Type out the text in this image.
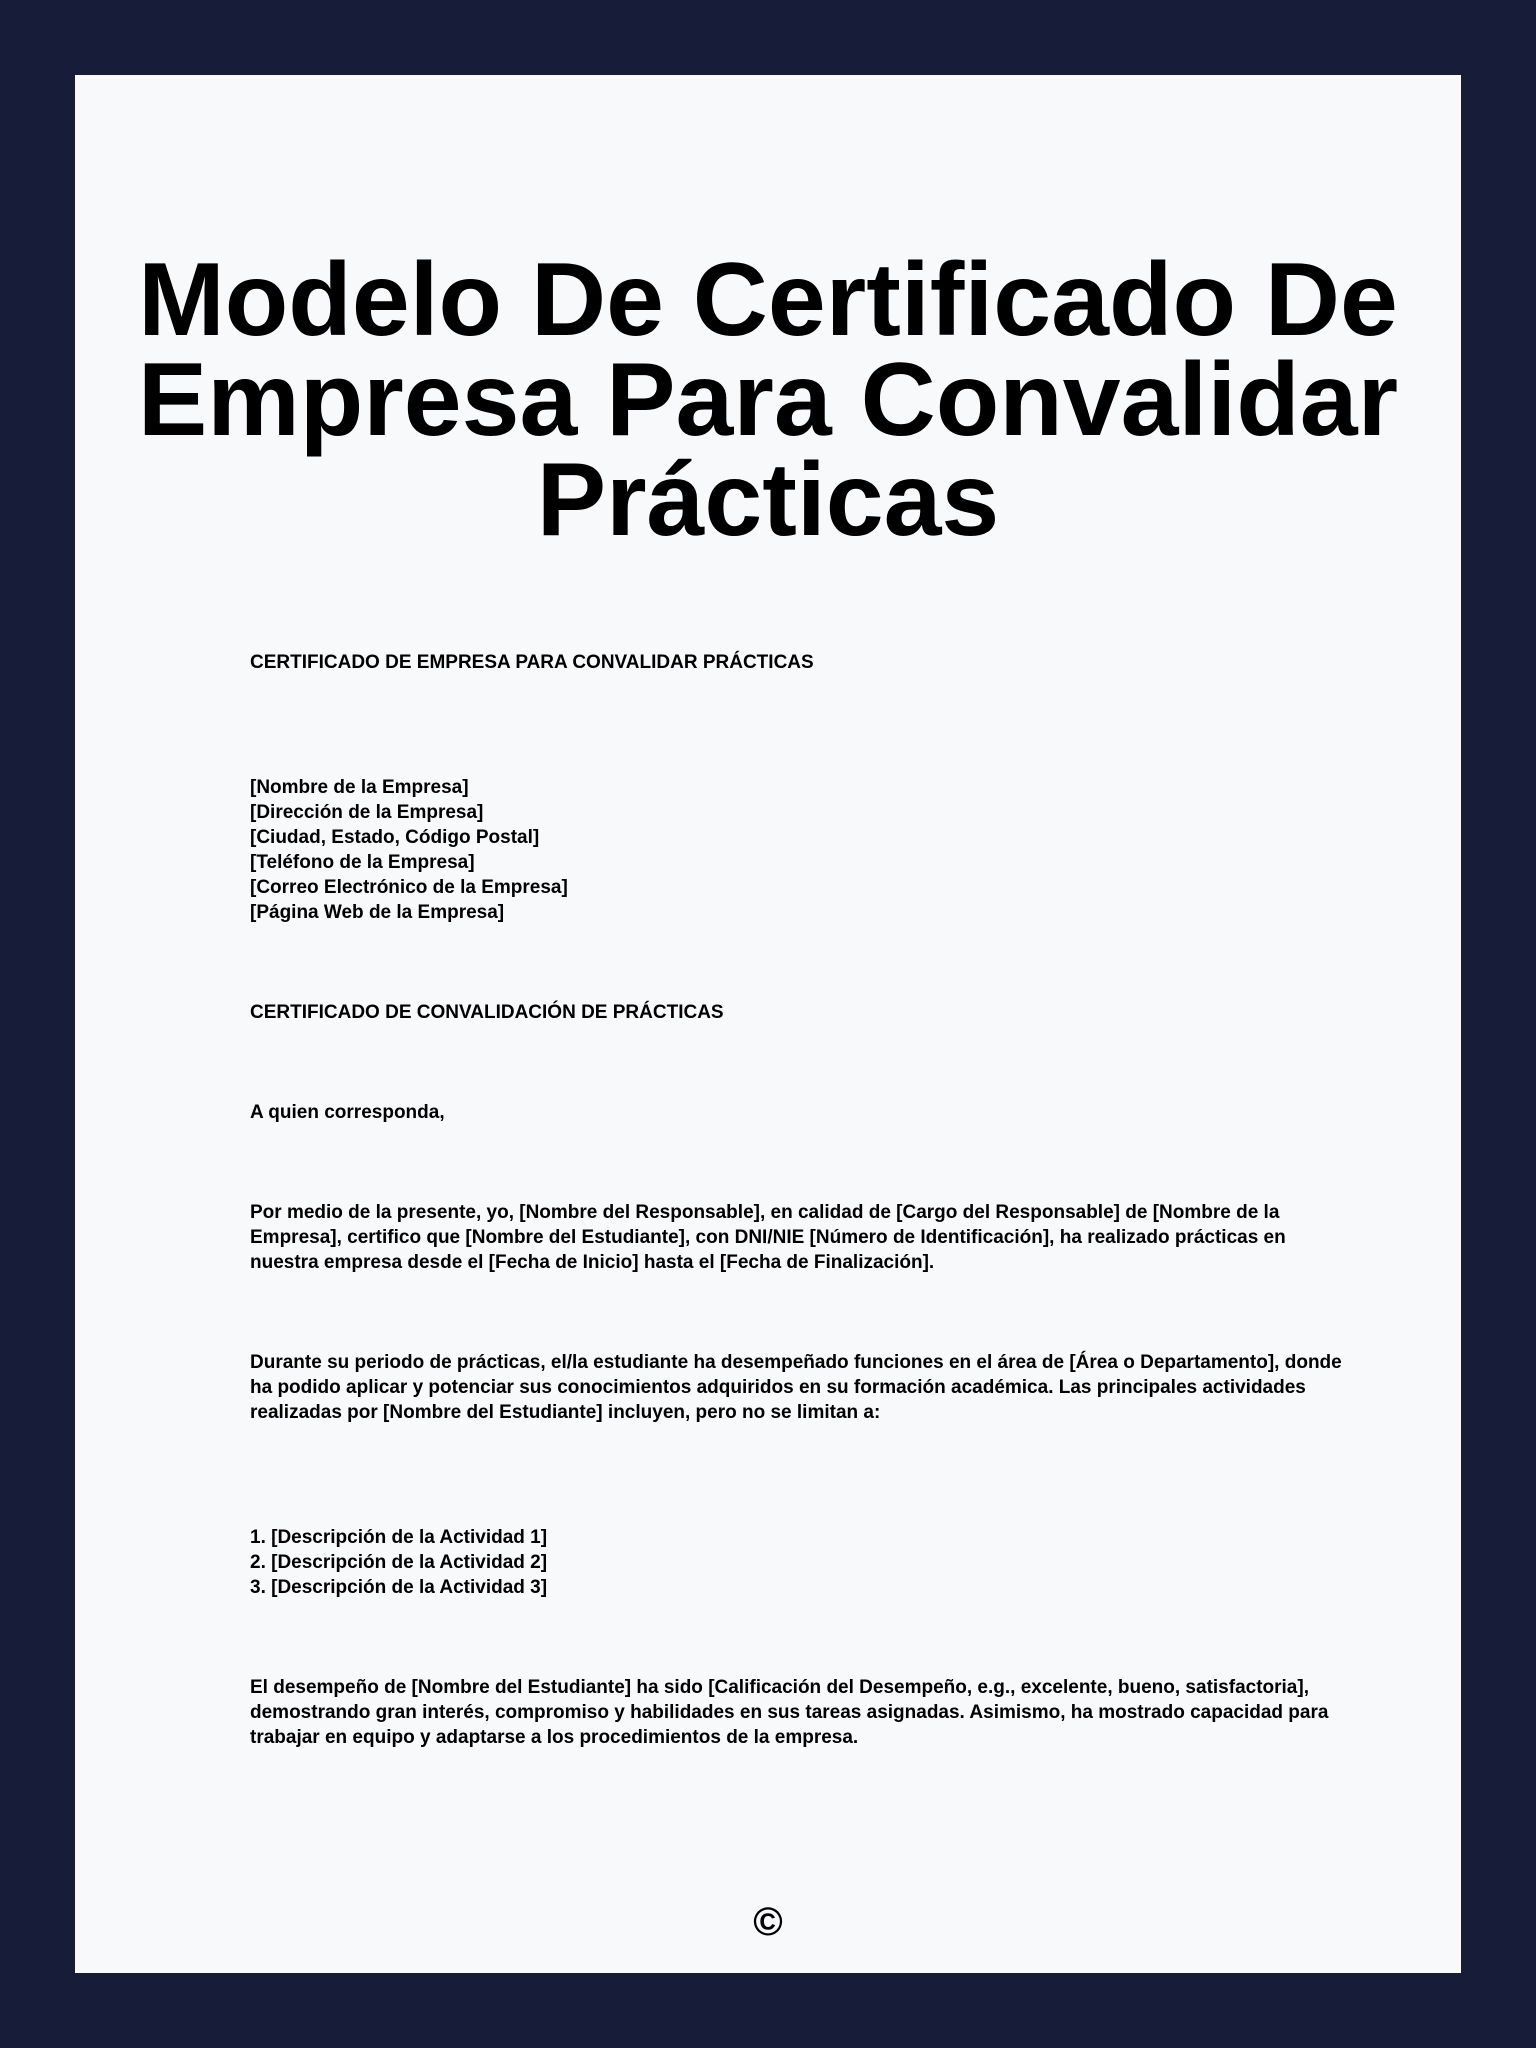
Modelo De Certificado De Empresa Para Convalidar Prácticas
CERTIFICADO DE EMPRESA PARA CONVALIDAR PRÁCTICAS
[Nombre de la Empresa]
[Dirección de la Empresa]
[Ciudad, Estado, Código Postal]
[Teléfono de la Empresa]
[Correo Electrónico de la Empresa]
[Página Web de la Empresa]
CERTIFICADO DE CONVALIDACIÓN DE PRÁCTICAS
A quien corresponda,
Por medio de la presente, yo, [Nombre del Responsable], en calidad de [Cargo del Responsable] de [Nombre de la Empresa], certifico que [Nombre del Estudiante], con DNI/NIE [Número de Identificación], ha realizado prácticas en nuestra empresa desde el [Fecha de Inicio] hasta el [Fecha de Finalización].
Durante su periodo de prácticas, el/la estudiante ha desempeñado funciones en el área de [Área o Departamento], donde ha podido aplicar y potenciar sus conocimientos adquiridos en su formación académica. Las principales actividades realizadas por [Nombre del Estudiante] incluyen, pero no se limitan a:
1. [Descripción de la Actividad 1]
2. [Descripción de la Actividad 2]
3. [Descripción de la Actividad 3]
El desempeño de [Nombre del Estudiante] ha sido [Calificación del Desempeño, e.g., excelente, bueno, satisfactoria], demostrando gran interés, compromiso y habilidades en sus tareas asignadas. Asimismo, ha mostrado capacidad para trabajar en equipo y adaptarse a los procedimientos de la empresa.
©
